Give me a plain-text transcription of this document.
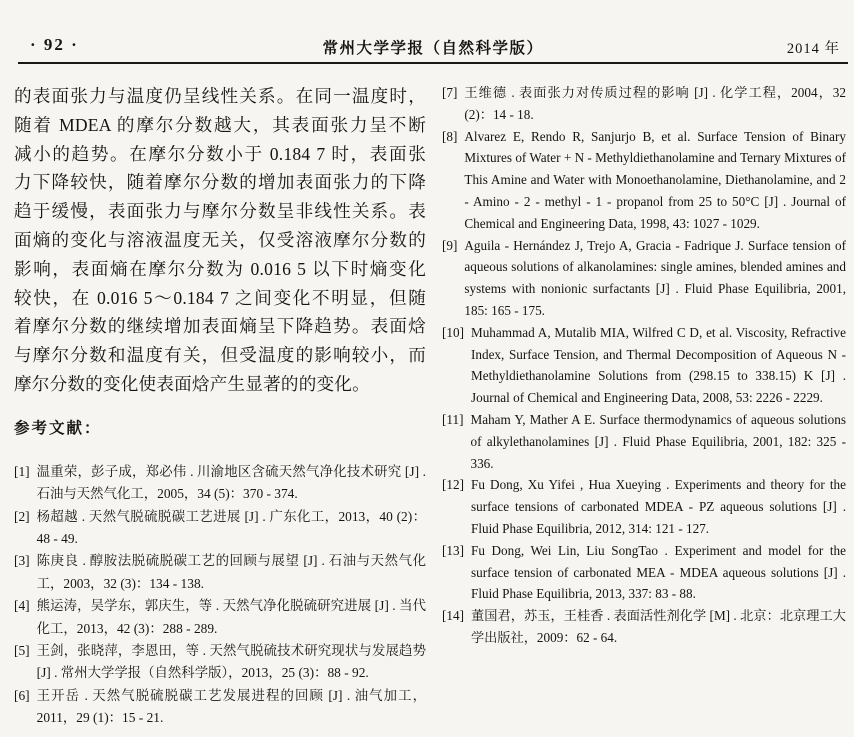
· 92 ·	常州大学学报（自然科学版）	2014 年
的表面张力与温度仍呈线性关系。在同一温度时，
随着 MDEA 的摩尔分数越大，其表面张力呈不断
减小的趋势。在摩尔分数小于 0.184 7 时，表面张
力下降较快，随着摩尔分数的增加表面张力的下降
趋于缓慢，表面张力与摩尔分数呈非线性关系。表
面熵的变化与溶液温度无关，仅受溶液摩尔分数的
影响，表面熵在摩尔分数为 0.016 5 以下时熵变化
较快，在 0.016 5～0.184 7 之间变化不明显，但随
着摩尔分数的继续增加表面熵呈下降趋势。表面焓
与摩尔分数和温度有关，但受温度的影响较小，而
摩尔分数的变化使表面焓产生显著的的变化。
参考文献：
[1] 温重荣，彭子成，郑必伟 . 川渝地区含硫天然气净化技术研究 [J] . 石油与天然气化工，2005，34 (5)：370 - 374.
[2] 杨超越 . 天然气脱硫脱碳工艺进展 [J] . 广东化工，2013，40 (2)：48 - 49.
[3] 陈庚良 . 醇胺法脱硫脱碳工艺的回顾与展望 [J] . 石油与天然气化工，2003，32 (3)：134 - 138.
[4] 熊运涛，吴学东，郭庆生，等 . 天然气净化脱硫研究进展 [J] . 当代化工，2013，42 (3)：288 - 289.
[5] 王剑，张晓萍，李恩田，等 . 天然气脱硫技术研究现状与发展趋势 [J] . 常州大学学报（自然科学版），2013，25 (3)：88 - 92.
[6] 王开岳 . 天然气脱硫脱碳工艺发展进程的回顾 [J] . 油气加工，2011，29 (1)：15 - 21.
[7] 王维德 . 表面张力对传质过程的影响 [J] . 化学工程，2004，32 (2)：14 - 18.
[8] Alvarez E, Rendo R, Sanjurjo B, et al. Surface Tension of Binary Mixtures of Water + N - Methyldiethanolamine and Ternary Mixtures of This Amine and Water with Monoethanolamine, Diethanolamine, and 2 - Amino - 2 - methyl - 1 - propanol from 25 to 50°C [J] . Journal of Chemical and Engineering Data, 1998, 43: 1027 - 1029.
[9] Aguila - Hernández J, Trejo A, Gracia - Fadrique J. Surface tension of aqueous solutions of alkanolamines: single amines, blended amines and systems with nonionic surfactants [J] . Fluid Phase Equilibria, 2001, 185: 165 - 175.
[10] Muhammad A, Mutalib MIA, Wilfred C D, et al. Viscosity, Refractive Index, Surface Tension, and Thermal Decomposition of Aqueous N - Methyldiethanolamine Solutions from (298.15 to 338.15) K [J] . Journal of Chemical and Engineering Data, 2008, 53: 2226 - 2229.
[11] Maham Y, Mather A E. Surface thermodynamics of aqueous solutions of alkylethanolamines [J] . Fluid Phase Equilibria, 2001, 182: 325 - 336.
[12] Fu Dong, Xu Yifei , Hua Xueying . Experiments and theory for the surface tensions of carbonated MDEA - PZ aqueous solutions [J] . Fluid Phase Equilibria, 2012, 314: 121 - 127.
[13] Fu Dong, Wei Lin, Liu SongTao . Experiment and model for the surface tension of carbonated MEA - MDEA aqueous solutions [J] . Fluid Phase Equilibria, 2013, 337: 83 - 88.
[14] 董国君，苏玉，王桂香 . 表面活性剂化学 [M] . 北京：北京理工大学出版社，2009：62 - 64.
